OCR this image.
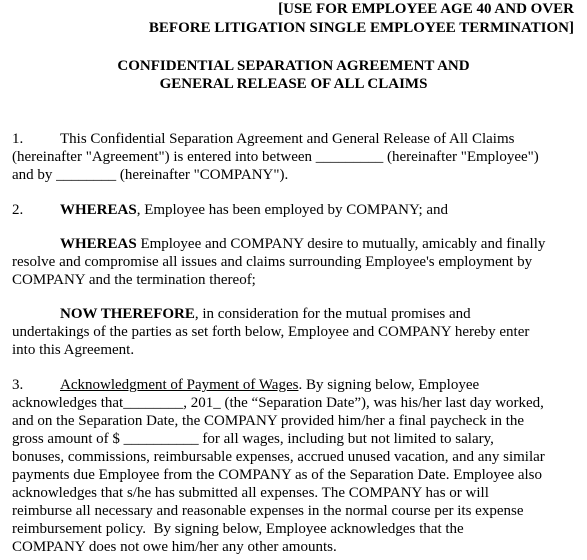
[USE FOR EMPLOYEE AGE 40 AND OVER
BEFORE LITIGATION SINGLE EMPLOYEE TERMINATION]
CONFIDENTIAL SEPARATION AGREEMENT AND
GENERAL RELEASE OF ALL CLAIMS
1. This Confidential Separation Agreement and General Release of All Claims
(hereinafter "Agreement") is entered into between _________ (hereinafter "Employee")
and by ________ (hereinafter "COMPANY").
2. WHEREAS, Employee has been employed by COMPANY; and
WHEREAS Employee and COMPANY desire to mutually, amicably and finally
resolve and compromise all issues and claims surrounding Employee's employment by
COMPANY and the termination thereof;
NOW THEREFORE, in consideration for the mutual promises and
undertakings of the parties as set forth below, Employee and COMPANY hereby enter
into this Agreement.
3. Acknowledgment of Payment of Wages. By signing below, Employee
acknowledges that________, 201_ (the “Separation Date”), was his/her last day worked,
and on the Separation Date, the COMPANY provided him/her a final paycheck in the
gross amount of $ __________ for all wages, including but not limited to salary,
bonuses, commissions, reimbursable expenses, accrued unused vacation, and any similar
payments due Employee from the COMPANY as of the Separation Date. Employee also
acknowledges that s/he has submitted all expenses. The COMPANY has or will
reimburse all necessary and reasonable expenses in the normal course per its expense
reimbursement policy.  By signing below, Employee acknowledges that the
COMPANY does not owe him/her any other amounts.
